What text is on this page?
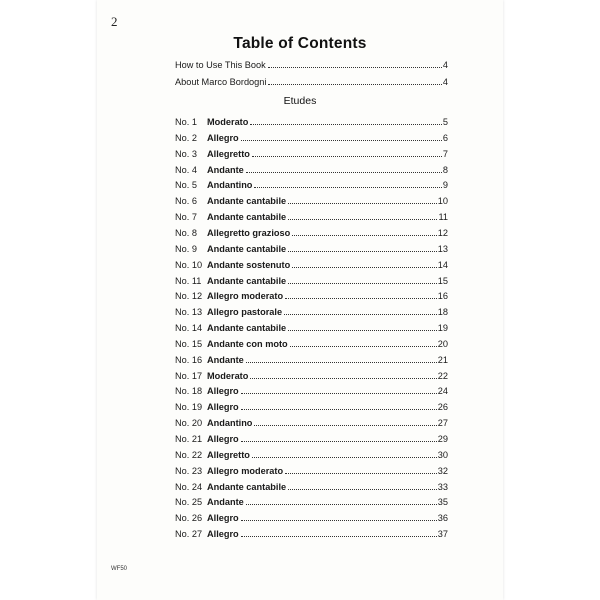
2
Table of Contents
How to Use This Book	4
About Marco Bordogni	4
Etudes
No. 1	Moderato	5
No. 2	Allegro	6
No. 3	Allegretto	7
No. 4	Andante	8
No. 5	Andantino	9
No. 6	Andante cantabile	10
No. 7	Andante cantabile	11
No. 8	Allegretto grazioso	12
No. 9	Andante cantabile	13
No. 10 Andante sostenuto	14
No. 11 Andante cantabile	15
No. 12 Allegro moderato	16
No. 13 Allegro pastorale	18
No. 14 Andante cantabile	19
No. 15 Andante con moto	20
No. 16 Andante	21
No. 17 Moderato	22
No. 18 Allegro	24
No. 19 Allegro	26
No. 20 Andantino	27
No. 21 Allegro	29
No. 22 Allegretto	30
No. 23 Allegro moderato	32
No. 24 Andante cantabile	33
No. 25 Andante	35
No. 26 Allegro	36
No. 27 Allegro	37
WF50
